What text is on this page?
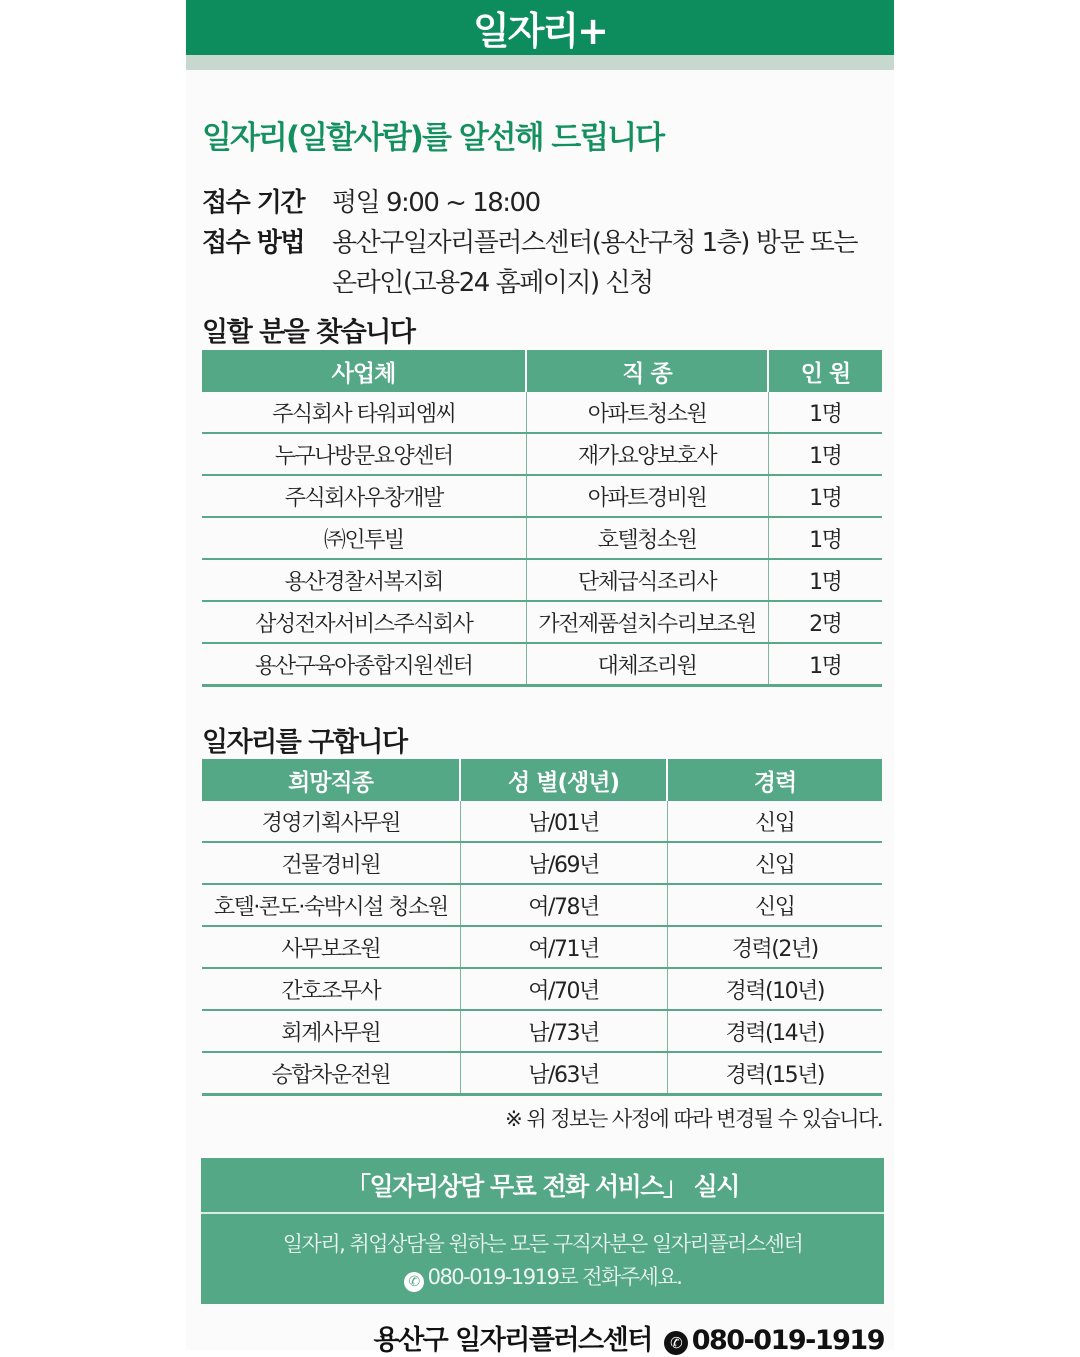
일자리+
일자리(일할사람)를 알선해 드립니다
접수 기간 평일 9:00 ~ 18:00
접수 방법 용산구일자리플러스센터(용산구청 1층) 방문 또는
온라인(고용24 홈페이지) 신청
일할 분을 찾습니다
사업체	직 종	인 원
주식회사 타워피엠씨	아파트청소원	1명
누구나방문요양센터	재가요양보호사	1명
주식회사우창개발	아파트경비원	1명
㈜인투빌	호텔청소원	1명
용산경찰서복지회	단체급식조리사	1명
삼성전자서비스주식회사	가전제품설치수리보조원	2명
용산구육아종합지원센터	대체조리원	1명
일자리를 구합니다
희망직종	성 별(생년)	경력
경영기획사무원	남/01년	신입
건물경비원	남/69년	신입
호텔·콘도·숙박시설 청소원	여/78년	신입
사무보조원	여/71년	경력(2년)
간호조무사	여/70년	경력(10년)
회계사무원	남/73년	경력(14년)
승합차운전원	남/63년	경력(15년)
※ 위 정보는 사정에 따라 변경될 수 있습니다.
「일자리상담 무료 전화 서비스」 실시
일자리, 취업상담을 원하는 모든 구직자분은 일자리플러스센터
✆ 080-019-1919로 전화주세요.
용산구 일자리플러스센터 ✆ 080-019-1919
